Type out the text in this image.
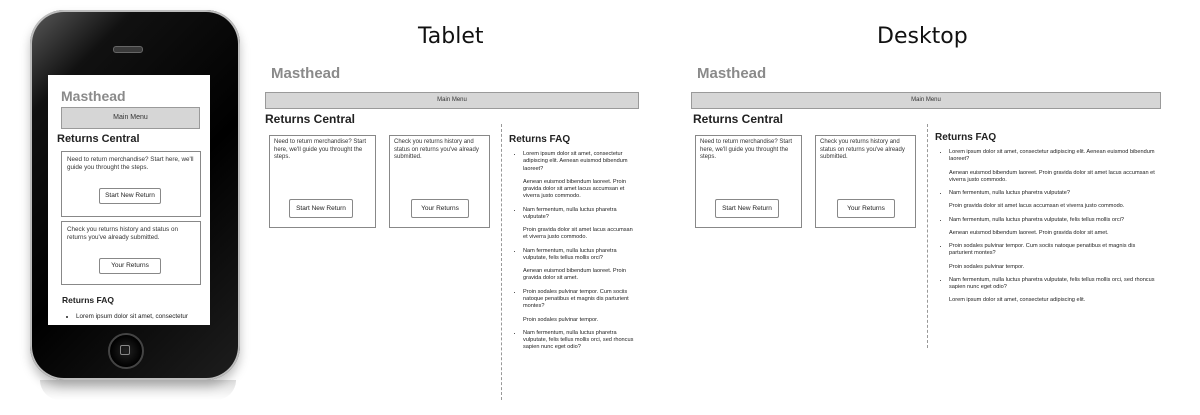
Masthead
Main Menu
Returns Central
Need to return merchandise? Start here, we'll guide you throught the steps.
Start New Return
Check you returns history and status on returns you've already submitted.
Your Returns
Returns FAQ
• Lorem ipsum dolor sit amet, consectetur
Tablet
Masthead
Main Menu
Returns Central
Need to return merchandise? Start here, we'll guide you throught the steps.
Start New Return
Check you returns history and status on returns you've already submitted.
Your Returns
Returns FAQ
• Lorem ipsum dolor sit amet, consectetur adipiscing elit. Aenean euismod bibendum laoreet?

Aenean euismod bibendum laoreet. Proin gravida dolor sit amet lacus accumsan et viverra justo commodo.

• Nam fermentum, nulla luctus pharetra vulputate?

Proin gravida dolor sit amet lacus accumsan et viverra justo commodo.

• Nam fermentum, nulla luctus pharetra vulputate, felis tellus mollis orci?

Aenean euismod bibendum laoreet. Proin gravida dolor sit amet.

• Proin sodales pulvinar tempor. Cum sociis natoque penatibus et magnis dis parturient montes?

Proin sodales pulvinar tempor.

• Nam fermentum, nulla luctus pharetra vulputate, felis tellus mollis orci, sed rhoncus sapien nunc eget odio?
Desktop
Masthead
Main Menu
Returns Central
Need to return merchandise? Start here, we'll guide you throught the steps.
Start New Return
Check you returns history and status on returns you've already submitted.
Your Returns
Returns FAQ
• Lorem ipsum dolor sit amet, consectetur adipiscing elit. Aenean euismod bibendum laoreet?

Aenean euismod bibendum laoreet. Proin gravida dolor sit amet lacus accumsan et viverra justo commodo.

• Nam fermentum, nulla luctus pharetra vulputate?

Proin gravida dolor sit amet lacus accumsan et viverra justo commodo.

• Nam fermentum, nulla luctus pharetra vulputate, felis tellus mollis orci?

Aenean euismod bibendum laoreet. Proin gravida dolor sit amet.

• Proin sodales pulvinar tempor. Cum sociis natoque penatibus et magnis dis parturient montes?

Proin sodales pulvinar tempor.

• Nam fermentum, nulla luctus pharetra vulputate, felis tellus mollis orci, sed rhoncus sapien nunc eget odio?

Lorem ipsum dolor sit amet, consectetur adipiscing elit.
